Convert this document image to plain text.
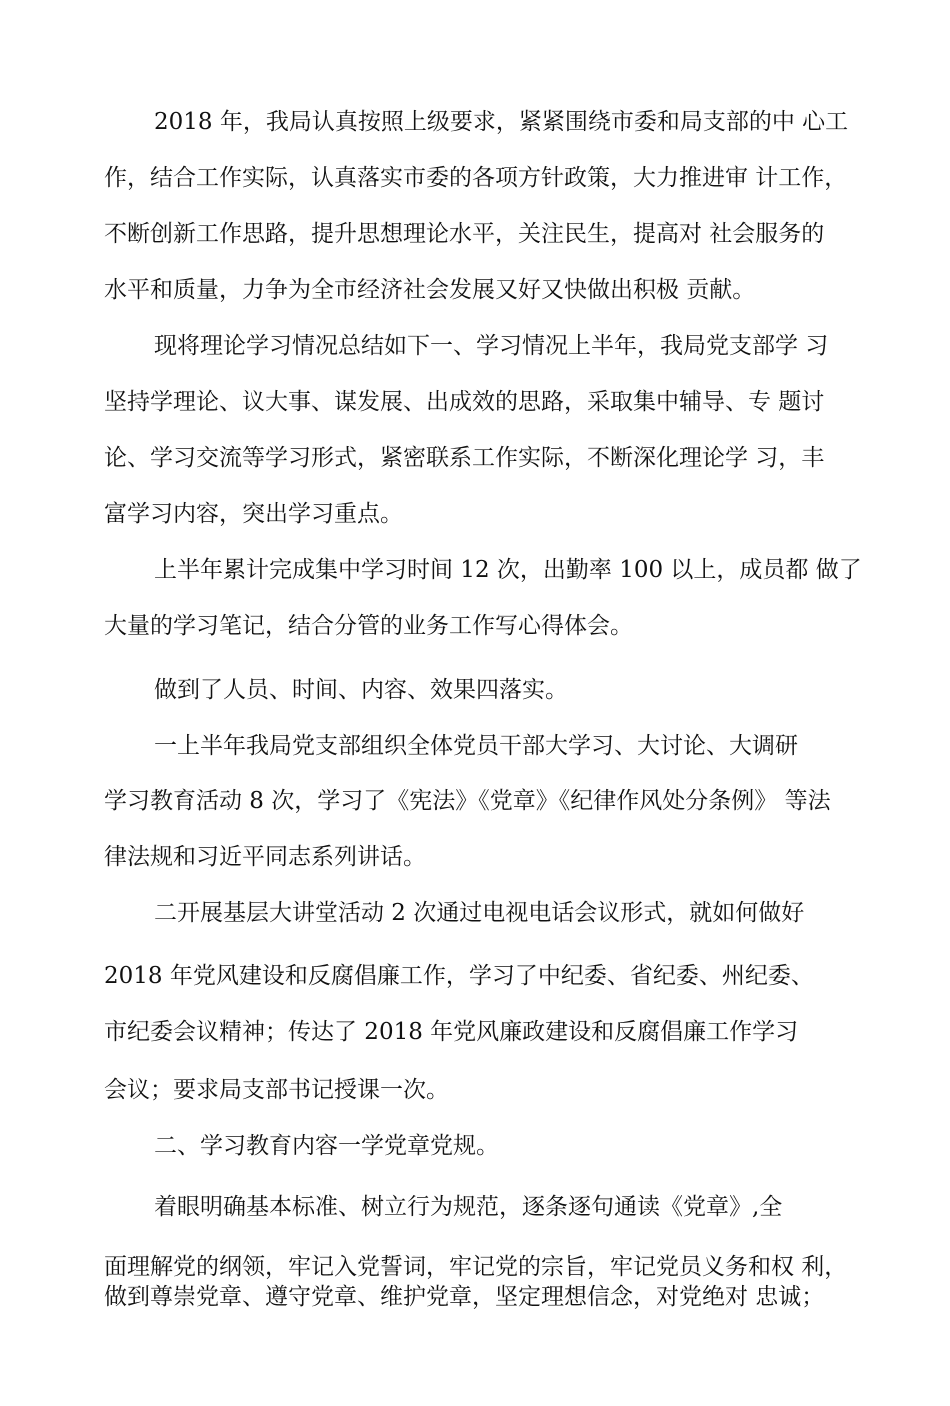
2018 年，我局认真按照上级要求，紧紧围绕市委和局支部的中 心工
作，结合工作实际，认真落实市委的各项方针政策，大力推进审 计工作，
不断创新工作思路，提升思想理论水平，关注民生，提高对 社会服务的
水平和质量，力争为全市经济社会发展又好又快做出积极 贡献。
现将理论学习情况总结如下一、学习情况上半年，我局党支部学 习
坚持学理论、议大事、谋发展、出成效的思路，采取集中辅导、专 题讨
论、学习交流等学习形式，紧密联系工作实际，不断深化理论学 习，丰
富学习内容，突出学习重点。
上半年累计完成集中学习时间 12 次，出勤率 100 以上，成员都 做了
大量的学习笔记，结合分管的业务工作写心得体会。
做到了人员、时间、内容、效果四落实。
一上半年我局党支部组织全体党员干部大学习、大讨论、大调研
学习教育活动 8 次，学习了《宪法》《党章》《纪律作风处分条例》 等法
律法规和习近平同志系列讲话。
二开展基层大讲堂活动 2 次通过电视电话会议形式，就如何做好
2018 年党风建设和反腐倡廉工作，学习了中纪委、省纪委、州纪委、
市纪委会议精神；传达了 2018 年党风廉政建设和反腐倡廉工作学习
会议；要求局支部书记授课一次。
二、学习教育内容一学党章党规。
着眼明确基本标准、树立行为规范，逐条逐句通读《党章》,全
面理解党的纲领，牢记入党誓词，牢记党的宗旨，牢记党员义务和权 利，
做到尊崇党章、遵守党章、维护党章，坚定理想信念，对党绝对 忠诚；
